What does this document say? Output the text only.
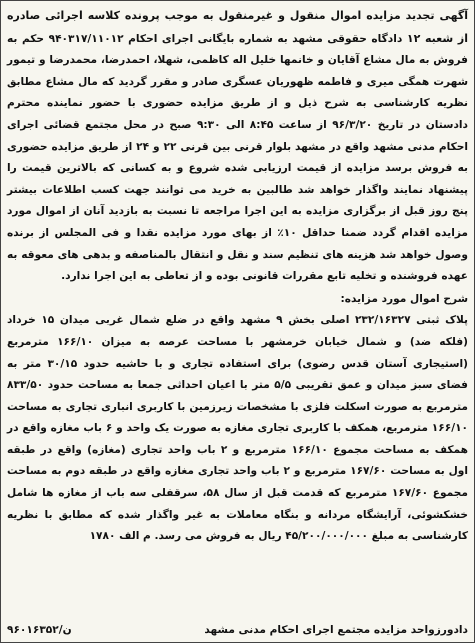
آگهی تجدید مزایده اموال منقول و غیرمنقول به موجب پرونده کلاسه اجرائی صادره از شعبه ۱۲ دادگاه حقوقی مشهد به شماره بایگانی اجرای احکام ۹۴۰۳۱۷/۱۱۰۱۲ حکم به فروش به مال مشاع آقایان و خانمها خلیل اله کاظمی، شهلا، احمدرضا، محمدرضا و تیمور شهرت همگی میری و فاطمه ظهوریان عسگری صادر و مقرر گردید که مال مشاع مطابق نظریه کارشناسی به شرح ذیل و از طریق مزایده حضوری با حضور نماینده محترم دادستان در تاریخ ۹۶/۳/۲۰ از ساعت ۸:۴۵ الی ۹:۳۰ صبح در محل مجتمع قضائی اجرای احکام مدنی مشهد واقع در مشهد بلوار قرنی بین قرنی ۲۲ و ۲۴ از طریق مزایده حضوری به فروش برسد مزایده از قیمت ارزیابی شده شروع و به کسانی که بالاترین قیمت را پیشنهاد نمایند واگذار خواهد شد طالبین به خرید می توانند جهت کسب اطلاعات بیشتر پنج روز قبل از برگزاری مزایده به این اجرا مراجعه تا نسبت به بازدید آنان از اموال مورد مزایده اقدام گردد ضمنا حداقل ۱۰٪ از بهای مورد مزایده نقدا و فی المجلس از برنده وصول خواهد شد هزینه های تنظیم سند و نقل و انتقال بالمناصفه و بدهی های معوقه به عهده فروشنده و تخلیه تابع مقررات قانونی بوده و از تعاطی به این اجرا ندارد.
شرح اموال مورد مزایده:
پلاک ثبتی ۲۳۲/۱۶۳۲۷ اصلی بخش ۹ مشهد واقع در ضلع شمال غربی میدان ۱۵ خرداد (فلکه ضد) و شمال خیابان خرمشهر با مساحت عرصه به میزان ۱۶۶/۱۰ مترمربع (استیجاری آستان قدس رضوی) برای استفاده تجاری و با حاشیه حدود ۳۰/۱۵ متر به فضای سبز میدان و عمق تقریبی ۵/۵ متر با اعیان احداثی جمعا به مساحت حدود ۸۳۳/۵۰ مترمربع به صورت اسکلت فلزی با مشخصات زیرزمین با کاربری انباری تجاری به مساحت ۱۶۶/۱۰ مترمربع، همکف با کاربری تجاری مغازه به صورت یک واحد و ۶ باب مغازه واقع در همکف به مساحت مجموع ۱۶۶/۱۰ مترمربع و ۲ باب واحد تجاری (مغازه) واقع در طبقه اول به مساحت ۱۶۷/۶۰ مترمربع و ۲ باب واحد تجاری مغازه واقع در طبقه دوم به مساحت مجموع ۱۶۷/۶۰ مترمربع که قدمت قبل از سال ۵۸، سرقفلی سه باب از مغازه ها شامل خشکشوئی، آرایشگاه مردانه و بنگاه معاملات به غیر واگذار شده که مطابق با نظریه کارشناسی به مبلغ ۴۵/۲۰۰/۰۰۰/۰۰۰ ریال به فروش می رسد. م الف ۱۷۸۰
دادورزواحد مزایده مجتمع اجرای احکام مدنی مشهد
۹۶۰۱۶۳۵۲/ن
